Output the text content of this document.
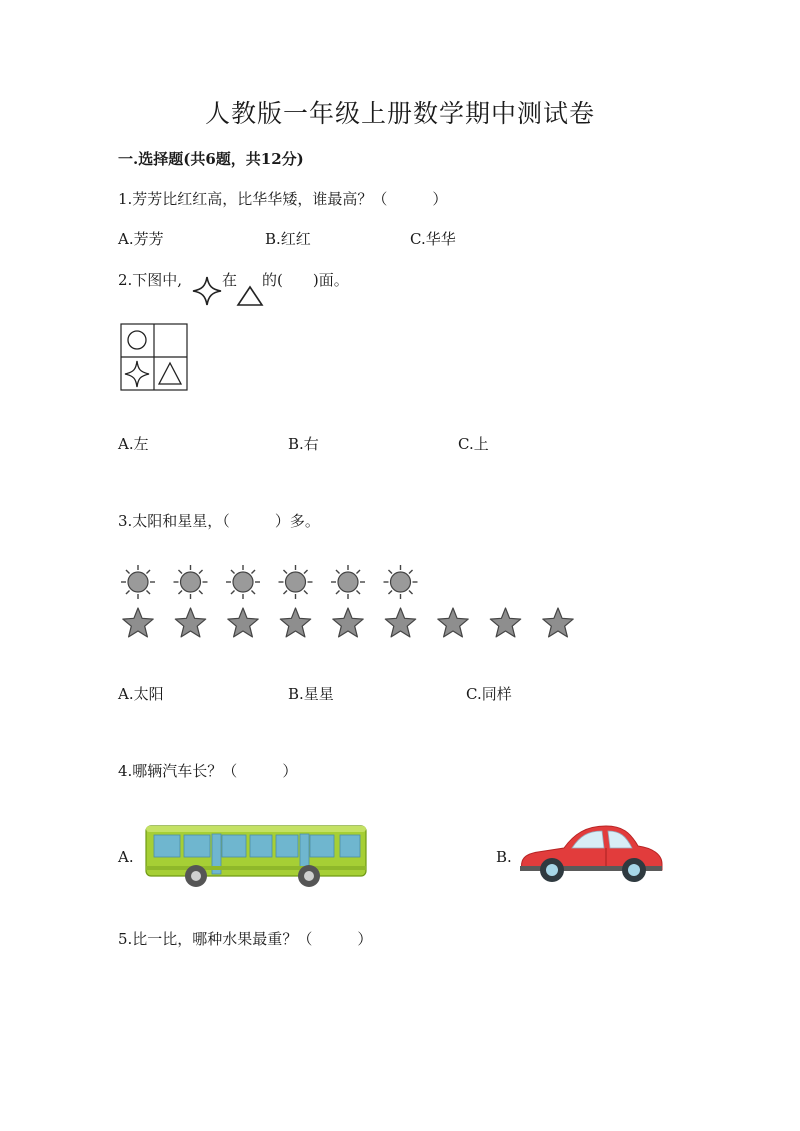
人教版一年级上册数学期中测试卷
一.选择题(共6题，共12分)
1.芳芳比红红高，比华华矮，谁最高？（　　　）
A.芳芳	B.红红	C.华华
2.下图中,	在 的(　　)面。
A.左	B.右	C.上
3.太阳和星星，（　　　）多。
A.太阳	B.星星	C.同样
4.哪辆汽车长？（　　　）
A.	B.
5.比一比，哪种水果最重？（　　　）
